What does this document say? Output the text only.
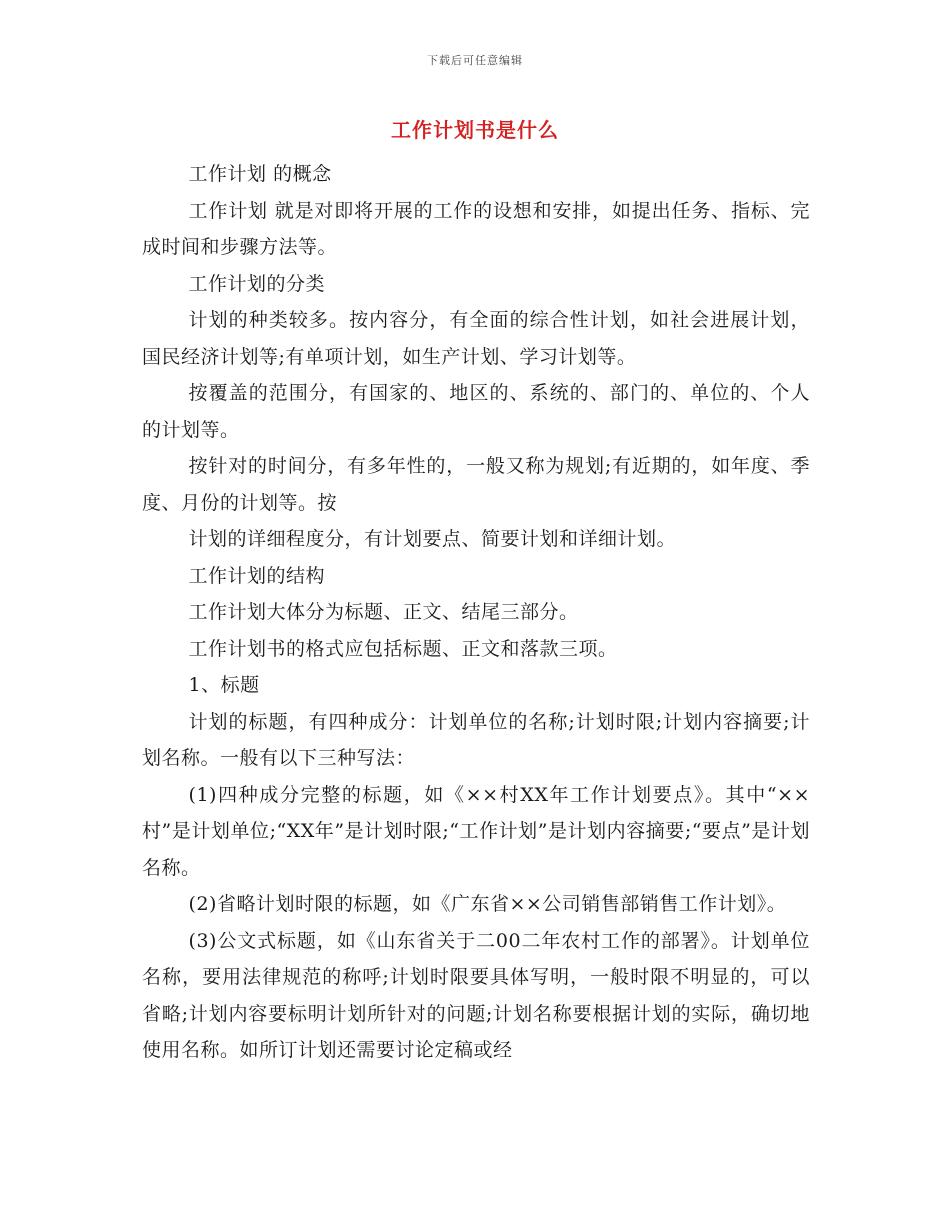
下载后可任意编辑
工作计划书是什么

工作计划 的概念

工作计划 就是对即将开展的工作的设想和安排，如提出任务、指标、完成时间和步骤方法等。

工作计划的分类

计划的种类较多。按内容分，有全面的综合性计划，如社会进展计划，国民经济计划等;有单项计划，如生产计划、学习计划等。

按覆盖的范围分，有国家的、地区的、系统的、部门的、单位的、个人的计划等。

按针对的时间分，有多年性的，一般又称为规划;有近期的，如年度、季度、月份的计划等。按

计划的详细程度分，有计划要点、简要计划和详细计划。

工作计划的结构

工作计划大体分为标题、正文、结尾三部分。

工作计划书的格式应包括标题、正文和落款三项。

1、标题

计划的标题，有四种成分：计划单位的名称;计划时限;计划内容摘要;计划名称。一般有以下三种写法：

(1)四种成分完整的标题，如《××村XX年工作计划要点》。其中“××村”是计划单位;“XX年”是计划时限;“工作计划”是计划内容摘要;“要点”是计划名称。

(2)省略计划时限的标题，如《广东省××公司销售部销售工作计划》。

(3)公文式标题，如《山东省关于二00二年农村工作的部署》。计划单位名称，要用法律规范的称呼;计划时限要具体写明，一般时限不明显的，可以省略;计划内容要标明计划所针对的问题;计划名称要根据计划的实际，确切地使用名称。如所订计划还需要讨论定稿或经
